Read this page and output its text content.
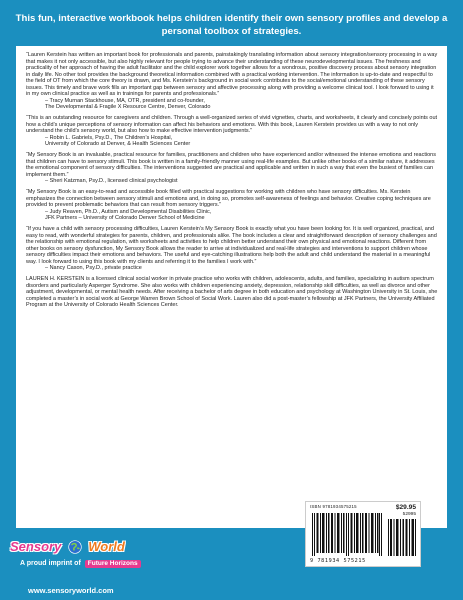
This fun, interactive workbook helps children identify their own sensory profiles and develop a personal toolbox of strategies.
“Lauren Kerstein has written an important book for professionals and parents, painstakingly translating information about sensory integration/sensory processing in a way that makes it not only accessible, but also highly relevant for people trying to advance their understanding of these neurodevelopmental issues. The freshness and practicality of her approach of having the adult facilitator and the child explorer work together allows for a wondrous, positive discovery process about sensory integration in daily life. No other tool provides the background theoretical information combined with a practical working intervention. The information is up-to-date and respectful to the field of OT from which the core theory is drawn, and Ms. Kerstein’s background in social work contributes to the social/emotional understanding of these sensory issues. This timely and brave work fills an important gap between sensory and affective processing along with providing a welcome clinical tool. I look forward to using it in my own clinical practice as well as in trainings for parents and professionals.”
– Tracy Murnan Stackhouse, MA, OTR, president and co-founder,
The Developmental & Fragile X Resource Centre, Denver, Colorado
“This is an outstanding resource for caregivers and children. Through a well-organized series of vivid vignettes, charts, and worksheets, it clearly and concisely points out how a child’s unique perceptions of sensory information can affect his behaviors and emotions. With this book, Lauren Kerstein provides us with a way to not only understand the child’s sensory world, but also how to make effective intervention judgments.”
– Robin L. Gabriels, Psy.D., The Children’s Hospital,
University of Colorado at Denver, & Health Sciences Center
“My Sensory Book is an invaluable, practical resource for families, practitioners and children who have experienced and/or witnessed the intense emotions and reactions that children can have to sensory stimuli. This book is written in a family-friendly manner using real-life examples. But unlike other books of a similar nature, it addresses the emotional component of sensory difficulties. The interventions suggested are practical and applicable and written in such a way that even the busiest of families can implement them.”
– Sheri Katzman, Psy.D., licensed clinical psychologist
“My Sensory Book is an easy-to-read and accessible book filled with practical suggestions for working with children who have sensory difficulties. Ms. Kerstein emphasizes the connection between sensory stimuli and emotions and, in doing so, promotes self-awareness of feelings and behavior. Creative coping techniques are provided to prevent problematic behaviors that can result from sensory triggers.”
– Judy Reaven, Ph.D., Autism and Developmental Disabilities Clinic,
JFK Partners – University of Colorado Denver School of Medicine
“If you have a child with sensory processing difficulties, Lauren Kerstein’s My Sensory Book is exactly what you have been looking for. It is well organized, practical, and easy to read, with wonderful strategies for parents, children, and professionals alike. The book includes a clear and straightforward description of sensory challenges and the relationship with emotional regulation, with worksheets and activities to help children better understand their own physical and emotional reactions. Different from other books on sensory dysfunction, My Sensory Book allows the reader to arrive at individualized and real-life strategies and interventions to support children whose sensory difficulties impact their emotions and behaviors. The useful and eye-catching illustrations help both the adult and child understand the material in a meaningful way. I look forward to using this book with my clients and referring it to the families I work with.”
– Nancy Cason, Psy.D., private practice

LAUREN H. KERSTEIN is a licensed clinical social worker in private practice who works with children, adolescents, adults, and families, specializing in autism spectrum disorders and particularly Asperger Syndrome. She also works with children experiencing anxiety, depression, relationship skill difficulties, as well as divorce and other adjustment, developmental, or mental health needs. After receiving a bachelor of arts degree in both education and psychology at Washington University in St. Louis, she completed a master’s in social work at George Warren Brown School of Social Work. Lauren also did a post-master’s fellowship at JFK Partners, the University Affiliated Program at the University of Colorado Health Sciences Center.

Sensory World
A proud imprint of Future Horizons
www.sensoryworld.com
ISBN 9781934575215	$29.95
52995
9 781934 575215
